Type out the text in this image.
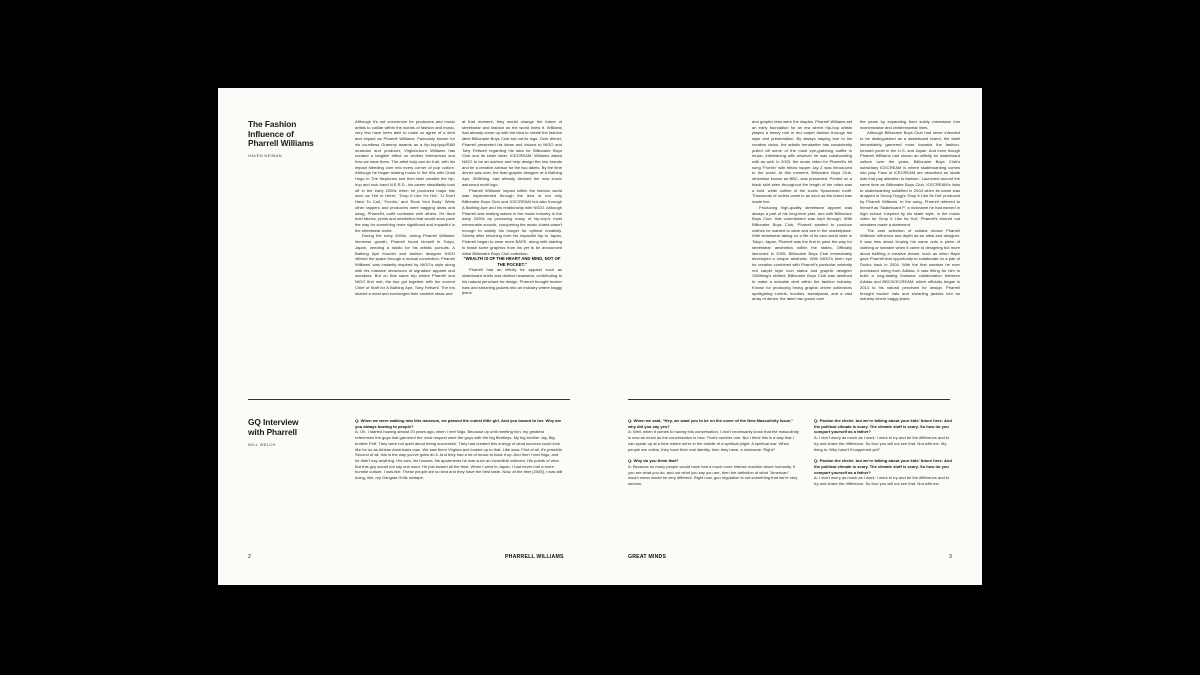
The Fashion
Influence of
Pharrell Williams

HAVEN NEIMAN

Although it's not uncommon for producers and music artists to collide within the worlds of fashion and music, very few have been able to make us agree of a dent and impact as Pharrell Williams. Famously known for his countless Grammy awards as a hip-hop/pop/R&B musician and producer, Virginia-born Williams has created a tangible effect on clothes themselves and how we wear them. The artist truly can do it all, with his impact bleeding over into every corner of pop culture. Although he began making music in the 90s with Chad Hugo in The Neptunes and then later created the hip-hop and rock band N.E.R.D., his career steadfastly took off in the early 2000s when he produced major hits such as 'Hot in Herre,' 'Drop It Like It's Hot,' 'U Don't Have To Call,' 'Frontin,' and 'Rock Your Body.' While other rappers and producers were bagging deals and swag, Pharrell's outfit contrasts with others. He liked bold fabrics, prints and aesthetics that would soon pave the way for something more significant and impactful in the streetwear world.

During the early 2000s, during Pharrell Williams' immense growth, Pharrell found himself in Tokyo, Japan, needing a studio for his artistic pursuits. A Bathing Ape founder and fashion designer NIGO offered the space through a mutual connection. Pharrell Williams' was instantly inspired by NIGO's style along with his massive showroom of signature apparel and sneakers. But on that same trip where Pharrell and NIGO first met, the two got together with the current Chief of Staff for A Bathing Ape, Toby Feltwell. The trio shared a meal and exchanged their creative ideas and

at that moment, they would change the future of streetwear and fashion as the world knew it. Williams had already come up with the idea to create the fashion label Billionaire Boys Club but not its logo. Over dinner, Pharrell presented his ideas and visions to NIGO and Toby Feltwell regarding his idea for Billionaire Boys Club and its sister label, ICECREAM. Williams asked NIGO to be an advisor and help design the two brands and be a creative advisor for the two labels. By the time dinner was over, the lead graphic designer at A Bathing Ape, SK8thing, had already devised the now iconic astronaut motif logo.

Pharrell Williams' impact within the fashion world was implemented through the lens of not only Billionaire Boys Club and ICECREAM but also through A Bathing Ape and his relationship with NIGO. Although Pharrell was making waves in the music industry in the early 2000s by producing many of hip-hop's most memorable sounds, conquering the music charts wasn't enough to satisfy his hunger for optimal creativity. Shortly after returning from his impactful trip to Japan, Pharrell began to wear more BAPE, along with starting to tease some graphics from his yet to be announced initial Billionaire Boys Club collection.

"WEALTH IS OF THE HEART AND MIND, NOT OF THE POCKET."

Pharrell had an infinity for apparel such as skateboard shirts and distinct headwear, contributing to his natural penchant for design. Pharrell brought trucker hats and shearling jackets into an industry where baggy jeans

GQ Interview
with Pharrell

WILL WELCH

Q: When we were walking into this museum, we passed the cutest little girl. And you bowed to her. Why are you always bowing to people?

A: Oh, I started bowing almost 20 years ago, when I met Nigo. Because up until meeting him, my greatest references the guys that garnered the most respect were the guys with the big Bentleys. My big brother Jay, Big brother Puff. They were not quiet about being successful. They had created this energy of what success could look like for us as African Americans man. We saw them Virginia and looked up to that. Like wow. First of all, it's possible. Second of all, this is the way you've gotta do it. And they had a lot of music to back it up. And then I met Nigo, and he didn't say anything. His cars, his houses, his apartments he was such an incredible collector. His points of view. But this guy would not say one word. He just bowed all the time. When I went to Japan. I had never met a more humble culture. I was like: These people are so kind and they have the best taste. Now, at the time [2005], I was still doing, like, my Gangsta Grillz mixtape.

2	PHARRELL WILLIAMS

and graphic tees were the staples. Pharrell Williams set an early foundation for an era where hip-hop artists played a heavy role in red carpet fashion through his style and presentation. By always staying true to his creative vision, the artistic trendsetter has consistently pulled off some of the most eye-grabbing outfits in music, intertwining with whoever he was collaborating with as well. In 2003, the music video for Pharrell's hit song 'Frontin' with fellow rapper Jay Z was introduced to the world. At this moment, Billionaire Boys Club, otherwise known as BBC, was presented. Printed on a black skirt seen throughout the length of the video was a bold, white outline of the iconic Spaceman motif. Thousands of orders came in as soon as the brand was made live.

Producing high-quality streetwear apparel was always a part of his long-term plan, and with Billionaire Boys Club, that commitment was kept through. With Billionaire Boys Club, Pharrell wanted to produce clothes he wanted to wear and see in the marketplace. With streetwear taking on a life of its own world wide in Tokyo, Japan, Pharrell was the first to pave the way for streetwear aesthetics within the states. Officially launched in 2005, Billionaire Boys Club immediately developed a unique aesthetic. With NIGO's keen eye for creation combined with Pharrell's particular celebrity red carpet style icon status and graphic designer SK8thing's skillset, Billionaire Boys Club was destined to make a sizeable dent within the fashion industry. Known for producing heavy graphic driven collections spotlighting t-shirts, hoodies, sweatpants, and a vast array of denim, the label has grown over

the years by expanding from solely menswear into womenswear and childrenswear lines.

Although Billionaire Boys Club had never intended to be distinguished as a skateboard brand, the label immediately garnered more towards the fashion-forward youth in the U.S. and Japan. And even though Pharrell Williams had shown an affinity for skateboard culture over the years, Billionaire Boys Club's subsidiary ICECREAM is where skateboarding comes into play. Fans of ICECREAM are described as 'skate kids that pay attention to fashion.' Launched around the same time as Billionaire Boys Club, ICECREAM's links to skateboarding solidified in 2004 when its name was dropped in Snoop Dogg's 'Drop it Like Its Hot' produced by Pharrell Williams. In the song, Pharrell referred to himself as 'Skateboard P,' a nickname he had earned in high school. Inspired by his skate style, in the music video for 'Drop It Like Its Hot,' Pharrell's blurred out sneakers made a statement.

The vast selection of collabs shows Pharrell Williams' influence and depth as an artist and designer. It was less about limping his name onto a piece of clothing or sneaker when it came to designing but more about fulfilling a creative dream, such as when Bape gave Pharrell that opportunity to collaborate on a pair of Dunks back in 2004. With the first sneaker he ever purchased being from Adidas, it was fitting for him to build a long-lasting footwear collaboration between Adidas and BBC/ICECREAM, which officially began in 2014 to his natural penchant for design. Pharrell brought trucker hats and shearling jackets into an industry where baggy jeans.

Q: When we said, "Hey, we want you to be on the cover of the New Masculinity Issue," why did you say yes?

A: Well, when it comes to having this conversation, I don't necessarily know that the masculinity is new as much as the conversation is new. That's number one. But I think this is a way that I can speak up at a time where we're in the middle of a spiritual plight. A spiritual war. When people are online, they have their real identity, then they have, a nickname. Right?

Q: Why do you think that?

A: Because so many people would have had a much more intense reaction about humanity. If you are what you do, and not what you say you are, then the definition of what "American" would mean would be very different. Right now, gun regulation is not something that we're very serious.

Q: Pardon the cliché, but we're talking about your kids' future here. And the political climate is scary. The climate stuff is scary. So how do you comport yourself as a father?

A: I don't worry as much as I work. I work to try and be the difference and to try and share the difference. So four you will not see that. Not with me. My thing is: Why hasn't it happened yet?

Q: Pardon the cliché, but we're talking about your kids' future here. And the political climate is scary. The climate stuff is scary. So how do you comport yourself as a father?

A: I don't worry as much as I work. I work to try and be the difference and to try and share the difference. So four you will not see that. Not with me.

GREAT MINDS	3
